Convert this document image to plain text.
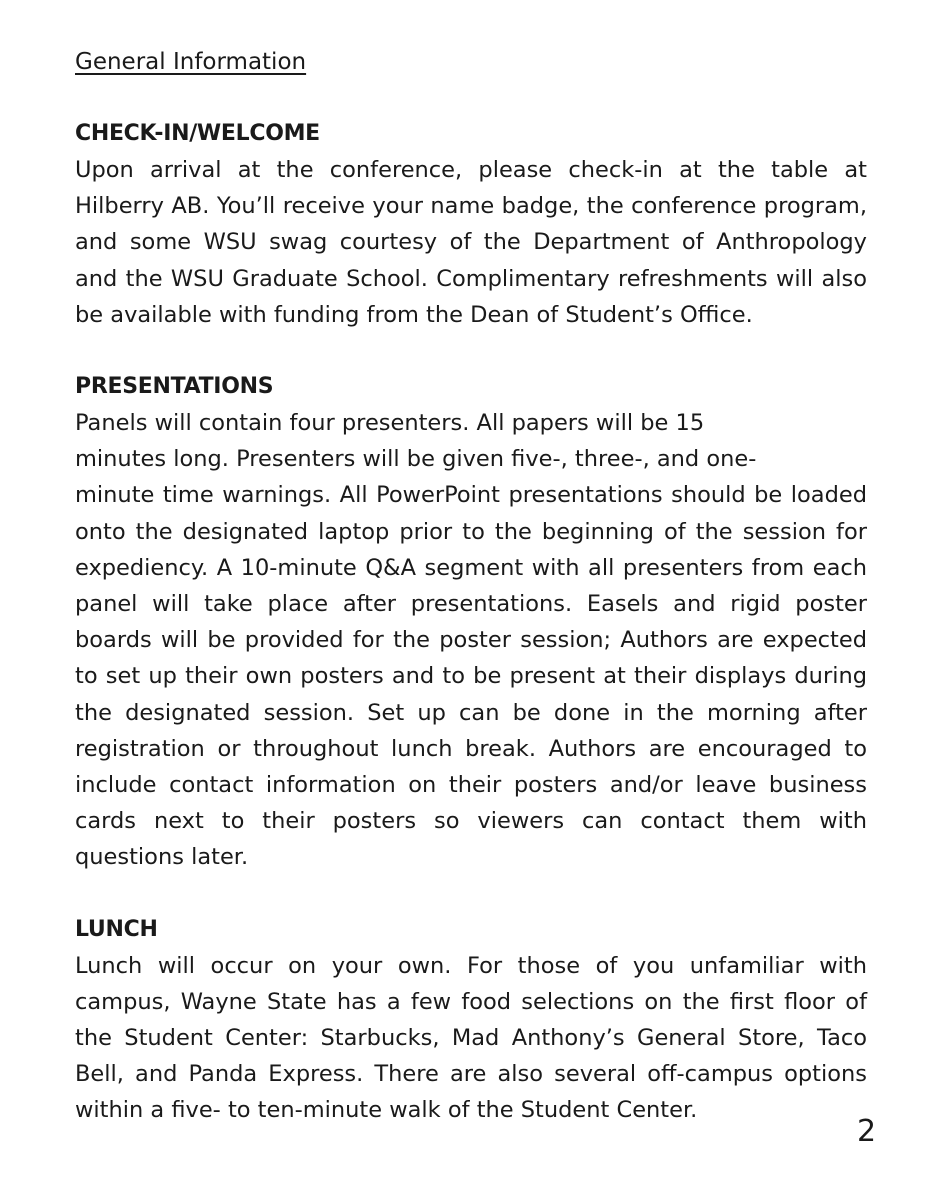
General Information
CHECK-IN/WELCOME

Upon arrival at the conference, please check-in at the table at Hilberry AB. You’ll receive your name badge, the conference program, and some WSU swag courtesy of the Department of Anthropology and the WSU Graduate School. Complimentary refreshments will also be available with funding from the Dean of Student’s Office.

PRESENTATIONS
Panels will contain four presenters. All papers will be 15
minutes long. Presenters will be given five-, three-, and one-

minute time warnings. All PowerPoint presentations should be loaded onto the designated laptop prior to the beginning of the session for expediency. A 10-minute Q&A segment with all presenters from each panel will take place after presentations. Easels and rigid poster boards will be provided for the poster session; Authors are expected to set up their own posters and to be present at their displays during the designated session. Set up can be done in the morning after registration or throughout lunch break. Authors are encouraged to include contact information on their posters and/or leave business cards next to their posters so viewers can contact them with questions later.

LUNCH

Lunch will occur on your own. For those of you unfamiliar with campus, Wayne State has a few food selections on the first floor of the Student Center: Starbucks, Mad Anthony’s General Store, Taco Bell, and Panda Express. There are also several off-campus options within a five- to ten-minute walk of the Student Center.

2
